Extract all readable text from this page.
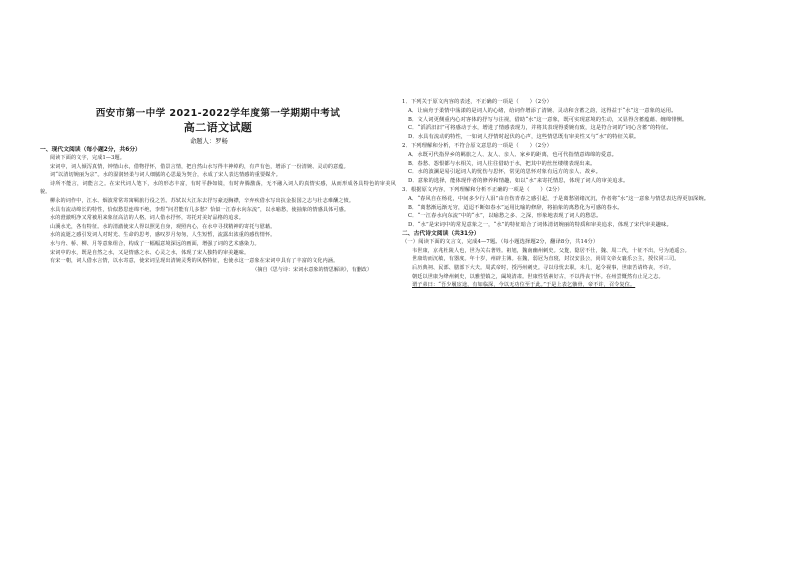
西安市第一中学 2021-2022学年度第一学期期中考试
高二语文试题
命题人：罗畅
一、现代文阅读（每小题2分，共6分）

阅读下面的文字，完成1—3题。

宋词中，词人倾泻真情，钟情山水，借物抒怀，借景言情，把自然山水写得丰神绰约，有声有色，增添了一份清婉、灵动的意蕴。

词“以清切婉丽为宗”。水的湿润轻柔与词人细腻的心思最为契合，水成了宋人表达情感的重要媒介。

诗所不能言，词能言之。在宋代词人笔下，水的形态丰富，有时平静如镜，有时奔腾激荡，无不融入词人的真情实感，从而形成各具特色的审美风貌。

柳永的词作中，江水、烟波常常寄寓羁旅行役之苦。苏轼以大江东去抒写豪迈胸襟，辛弃疾借水写出抗金报国之志与壮志难酬之愤。

水具有流动绵长的特性，恰似愁思连绵不绝，李煜“问君能有几多愁？恰似一江春水向东流”，以水喻愁，使抽象的情感具体可感。

水的澄澈明净又常被用来象征高洁的人格。词人借水抒怀，寄托对美好品格的追求。

山溪水光，各有特征。水的清澈使宋人得以照见自身，观照内心，在水中寻找精神的寄托与慰藉。

水的流逝之感引发词人对时光、生命的思考，感叹岁月匆匆，人生短暂，流露出浓重的感伤情怀。

水与舟、桥、柳、月等意象组合，构成了一幅幅意境深远的画面，增强了词的艺术感染力。

宋词中的水，既是自然之水，又是情感之水、心灵之水，体现了宋人独特的审美趣味。

有宋一朝，词人借水言情，以水寄意，使宋词呈现出清婉灵秀的风格特征，也使水这一意象在宋词中具有了丰富的文化内涵。

（摘自《思与诗：宋词水意象的情思解读》，有删改）

1．下列关于原文内容的表述，不正确的一项是（　　）（2分）

A．让扁舟于柔情中荡漾的是词人的心绪，给词作增添了清婉、灵动和含蓄之韵，这得益于“水”这一意象的运用。

B．文人词更侧重内心对客体的抒写与注视，借助“水”这一意象，既可实现意境的生动，又显得含蓄蕴藉、缠绵悱恻。

C．“滔滔汨汨”可将感动于水，增进了情感表现力，并将其表现得委婉有致，这是符合词的“词心含蓄”的特征。

D．水具有流动的特性，一如词人抒情时起伏的心声，这些情思既有审美性又与“水”的特征关联。

2．下列理解和分析，不符合原文意思的一项是（　　）（2分）

A．水既可代指异乡的羁旅之人、友人、亲人、家乡的距离，也可代指情意绵绵的爱意。

B．春愁、怨恨都与水相关，词人往往借助于水，把其中的丝丝缕缕表现出来。

C．水的波澜是易引起词人的忧伤与思怀，常见的思怀对象有远方的亲人、故乡。

D．意象的选择，能体现作者的修养和情趣，如以“水”来寄托情思，体现了词人的审美追求。

3．根据原文内容，下列理解和分析不正确的一项是（　　）（2分）

A．“春风自在杨花，中间多少行人泪”由自伤青春之感引起，于是离愁别绪沉沉，作者将“水”这一意象与情思表达得更加深婉。

B．“离愁渐远渐无穷，迢迢不断如春水”运用比喻的修辞，将抽象的离愁化为可感的春水。

C．“一江春水向东流”中的“水”，以喻愁之多、之深，形象地表现了词人的愁思。

D．“水”是宋词中的常见意象之一，“水”的特征暗合了词体清切婉丽的特质和审美追求，体现了宋代审美趣味。

二、古代诗文阅读（共31分）

（一）阅读下面的文言文，完成4—7题。（每小题选择题2分，翻译8分，共14分）

韦世康，京兆杜陵人也，世为关右著姓。祖旭，魏南幽州刺史。父夐，隐居不仕，魏、周二代，十征不出，号为逍遥公。

世康幼而沉敏，有器度。年十岁，州辟主簿。在魏，弱冠为直寝，封汉安县公，尚周文帝女襄乐公主，授仪同三司。

后历典祠、民部、膳部下大夫。周武帝时，授沔州刺史。寻以母忧去职。未几，起令视事，世康苦请终丧，不许。

朝廷以世康为绛州刺史，以雅望镇之，阖境清肃。世康性恬素好古，不以得丧干怀。在州尝慨然有止足之志。

谓子弟曰：“吾少履宦途，有如临深，今以无功位至于此。”于是上表乞骸骨，帝不许，召令复位。
